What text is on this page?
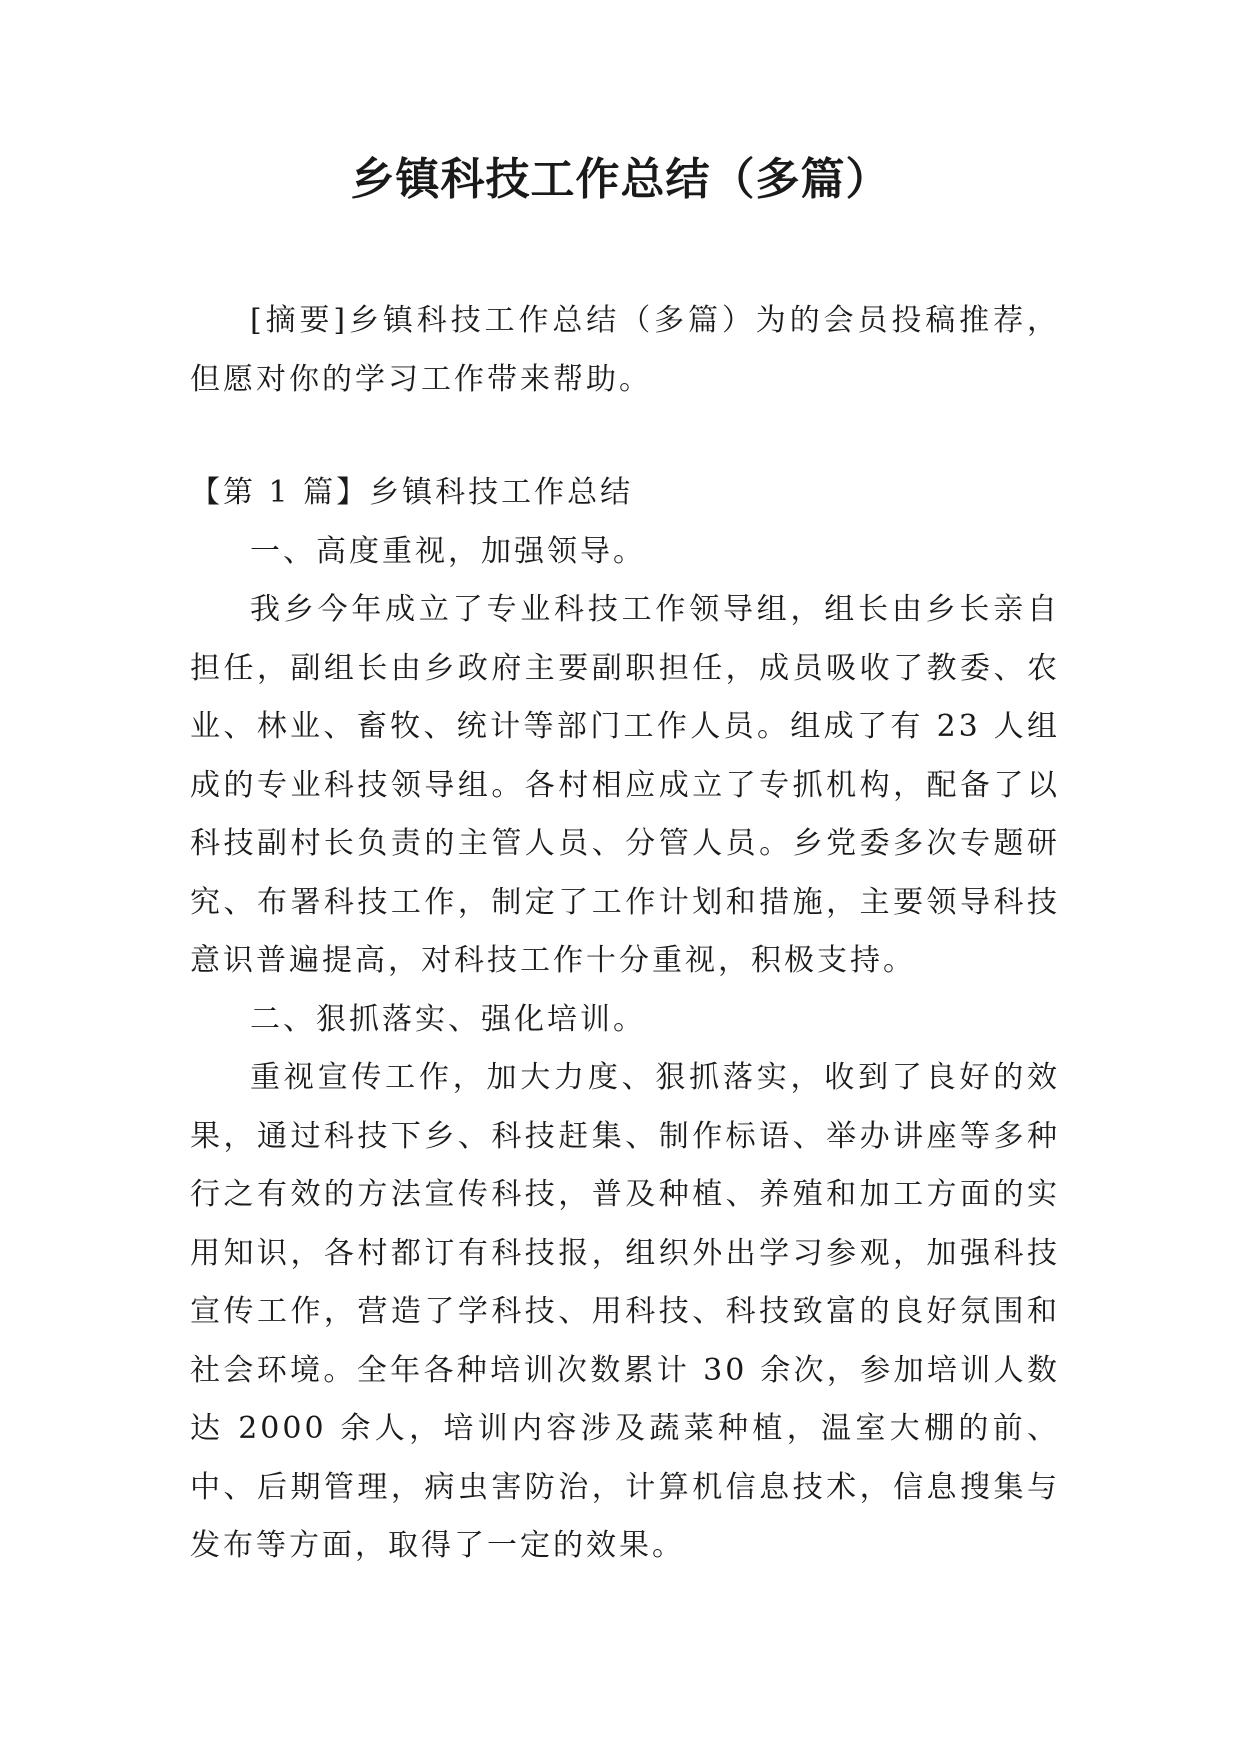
乡镇科技工作总结（多篇）

[摘要]乡镇科技工作总结（多篇）为的会员投稿推荐，但愿对你的学习工作带来帮助。

【第 1 篇】乡镇科技工作总结

一、高度重视，加强领导。

我乡今年成立了专业科技工作领导组，组长由乡长亲自担任，副组长由乡政府主要副职担任，成员吸收了教委、农业、林业、畜牧、统计等部门工作人员。组成了有 23 人组成的专业科技领导组。各村相应成立了专抓机构，配备了以科技副村长负责的主管人员、分管人员。乡党委多次专题研究、布署科技工作，制定了工作计划和措施，主要领导科技意识普遍提高，对科技工作十分重视，积极支持。

二、狠抓落实、强化培训。

重视宣传工作，加大力度、狠抓落实，收到了良好的效果，通过科技下乡、科技赶集、制作标语、举办讲座等多种行之有效的方法宣传科技，普及种植、养殖和加工方面的实用知识，各村都订有科技报，组织外出学习参观，加强科技宣传工作，营造了学科技、用科技、科技致富的良好氛围和社会环境。全年各种培训次数累计 30 余次，参加培训人数达 2000 余人，培训内容涉及蔬菜种植，温室大棚的前、中、后期管理，病虫害防治，计算机信息技术，信息搜集与发布等方面，取得了一定的效果。
